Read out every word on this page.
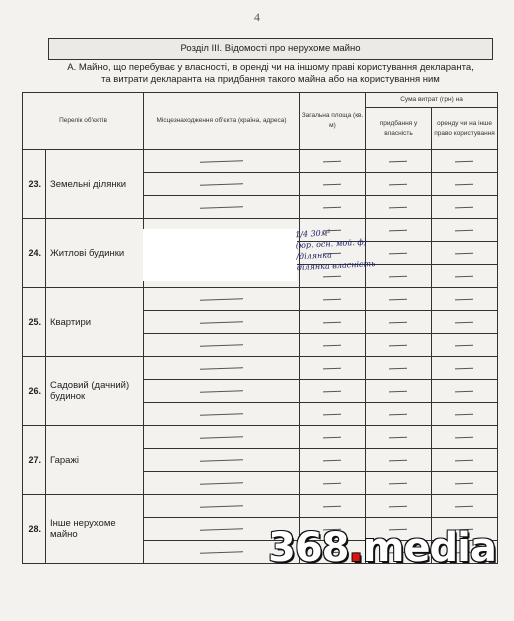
4
Розділ ІІІ. Відомості про нерухоме майно
А. Майно, що перебуває у власності, в оренді чи на іншому праві користування декларанта,
та витрати декларанта на придбання такого майна або на користування ним
Перелік об'єктів		Місцезнаходження об'єкта (країна, адреса)	Загальна площа (кв. м)	Сума витрат (грн) на	
				придбання у власність	оренду чи на інше право користування
23.	Земельні ділянки	

24.	Житлові будинки	

25.	Квартири	

26.	Садовий (дачний) будинок	

27.	Гаражі	

28.	Інше нерухоме майно	

1/4 30м²
(юр. осн. мой. ф)
/ділянка
ділянка власність
368.media
